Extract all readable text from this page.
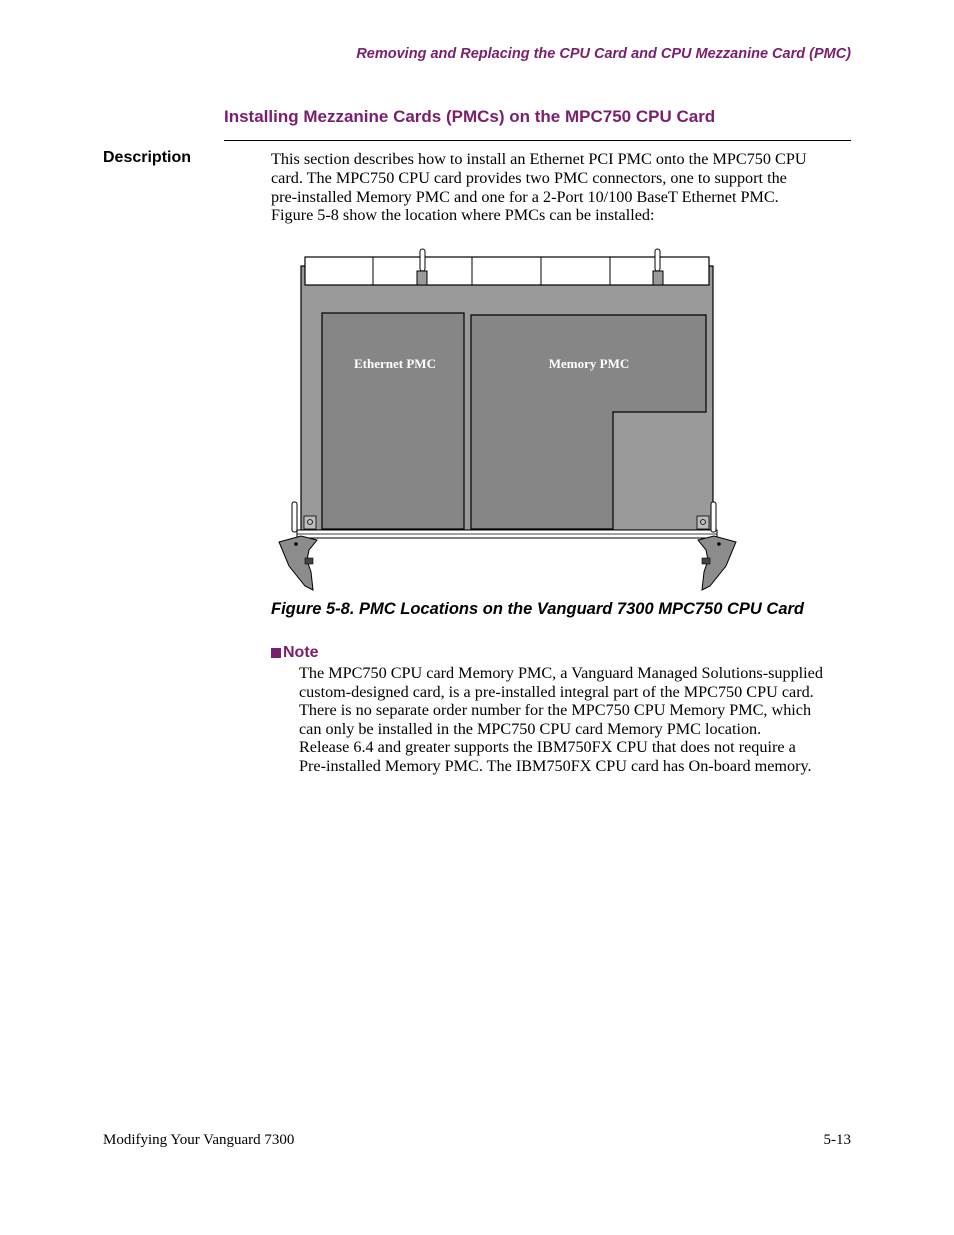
Removing and Replacing the CPU Card and CPU Mezzanine Card (PMC)
Installing Mezzanine Cards (PMCs) on the MPC750 CPU Card
Description	This section describes how to install an Ethernet PCI PMC onto the MPC750 CPU
card. The MPC750 CPU card provides two PMC connectors, one to support the
pre-installed Memory PMC and one for a 2-Port 10/100 BaseT Ethernet PMC.
Figure 5-8 show the location where PMCs can be installed:

Ethernet PMC	Memory PMC
Figure 5-8. PMC Locations on the Vanguard 7300 MPC750 CPU Card
Note

The MPC750 CPU card Memory PMC, a Vanguard Managed Solutions-supplied
custom-designed card, is a pre-installed integral part of the MPC750 CPU card.
There is no separate order number for the MPC750 CPU Memory PMC, which
can only be installed in the MPC750 CPU card Memory PMC location.
Release 6.4 and greater supports the IBM750FX CPU that does not require a
Pre-installed Memory PMC. The IBM750FX CPU card has On-board memory.

Modifying Your Vanguard 7300	5-13
